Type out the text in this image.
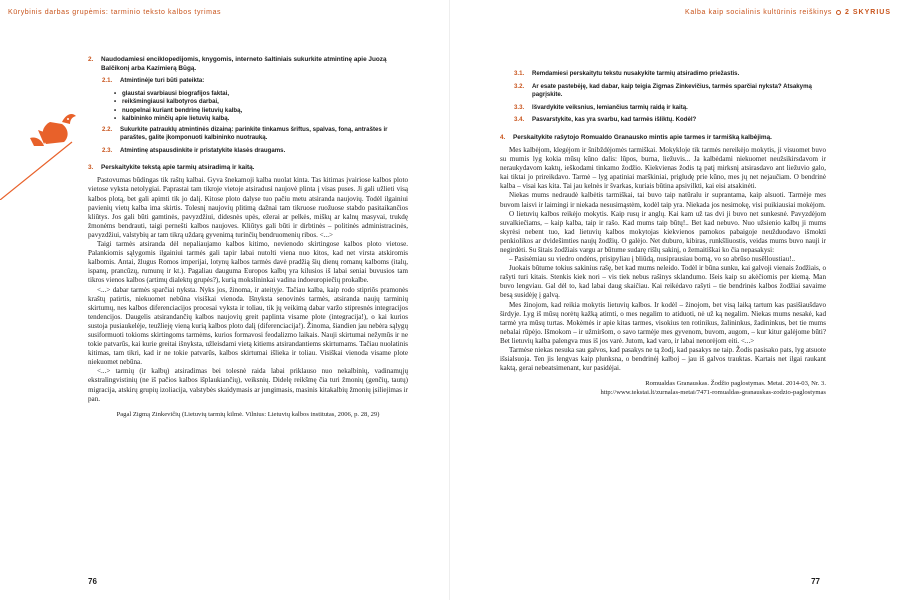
Kūrybinis darbas grupėmis: tarminio teksto kalbos tyrimas
2.	Naudodamiesi enciklopedijomis, knygomis, interneto šaltiniais sukurkite atmintinę apie Juozą Balčikonį arba Kazimierą Būgą.
2.1.	Atmintinėje turi būti pateikta:
• glaustai svarbiausi biografijos faktai,
• reikšmingiausi kalbotyros darbai,
• nuopelnai kuriant bendrinę lietuvių kalbą,
• kalbininko minčių apie lietuvių kalbą.
2.2.	Sukurkite patrauklų atmintinės dizainą: parinkite tinkamus šriftus, spalvas, foną, antraštes ir paraštes, galite įkomponuoti kalbininko nuotrauką.
2.3.	Atmintinę atspausdinkite ir pristatykite klasės draugams.
3.	Perskaitykite tekstą apie tarmių atsiradimą ir kaitą.

Pastovumas būdingas tik raštų kalbai. Gyva šnekamoji kalba nuolat kinta. Tas kitimas įvairiose kalbos ploto vietose vyksta netolygiai. Paprastai tam tikroje vietoje atsiradusi naujovė plinta į visas puses. Ji gali užlieti visą kalbos plotą, bet gali apimti tik jo dalį. Kitose ploto dalyse tuo pačiu metu atsiranda naujovių. Todėl ilgainiui pavienių vietų kalba ima skirtis. Tolesnį naujovių plitimą dažnai tam tikruose ruožuose stabdo pasitaikančios kliūtys. Jos gali būti gamtinės, pavyzdžiui, didesnės upės, ežerai ar pelkės, miškų ar kalnų masyvai, trukdę žmonėms bendrauti, taigi pernešti kalbos naujoves. Kliūtys gali būti ir dirbtinės – politinės administracinės, pavyzdžiui, valstybių ar tam tikrą uždarą gyvenimą turinčių bendruomenių ribos. <...>

Taigi tarmės atsiranda dėl nepaliaujamo kalbos kitimo, nevienodo skirtingose kalbos ploto vietose. Palankiomis sąlygomis ilgainiui tarmės gali tapir labai nutolti viena nuo kitos, kad net virsta atskiromis kalbomis. Antai, žlugus Romos imperijai, lotynų kalbos tarmės davė pradžią šių dienų romanų kalboms (italų, ispanų, prancūzų, rumunų ir kt.). Pagaliau dauguma Europos kalbų yra kilusios iš labai seniai buvusios tam tikros vienos kalbos (artimų dialektų grupės?), kurią mokslininkai vadina indoeuropiečių prokalbe.

<...> dabar tarmės sparčiai nyksta. Nyks jos, žinoma, ir ateityje. Tačiau kalba, kaip rodo stipriōs pramonės kraštų patirtis, niekuomet nebūna visiškai vienoda. Išnyksta senovinės tarmės, atsiranda naujų tarminių skirtumų, nes kalbos diferenciacijos procesai vyksta ir toliau, tik jų veikimą dabar varžo stipresnės integracijos tendencijos. Daugelis atsirandančių kalbos naujovių greit paplinta visame plote (integracija!), o kai kurios sustoja pusiaukelėje, teužlieję vieną kurią kalbos ploto dalį (diferenciacija!). Žinoma, šiandien jau nebėra sąlygų susiformuoti tokioms skirtingoms tarmėms, kurios formavosi feodalizmo laikais. Nauji skirtumai nežymūs ir ne tokie patvarūs, kai kurie greitai išnyksta, užleisdami vietą kitiems atsirandantiems skirtumams. Tačiau nuolatinis kitimas, tam tikri, kad ir ne tokie patvarūs, kalbos skirtumai išlieka ir toliau. Visiškai vienoda visame plote niekuomet nebūna.

<...> tarmių (ir kalbų) atsiradimas bei tolesnė raida labai priklauso nuo nekalbinių, vadinamųjų ekstralingvistinių (ne iš pačios kalbos išplaukiančių), veiksnių. Didelę reikšmę čia turi žmonių (genčių, tautų) migracija, atskirų grupių izoliacija, valstybės skaidymasis ar jungimasis, masinis kitakalbių žmonių įsiliejimas ir pan.

Pagal Zigmą Zinkevičių (Lietuvių tarmių kilmė. Vilnius: Lietuvių kalbos institutas, 2006, p. 28, 29)
76
Kalba kaip socialinis kultūrinis reiškinys 2 SKYRIUS
3.1.	Remdamiesi perskaitytu tekstu nusakykite tarmių atsiradimo priežastis.
3.2.	Ar esate pastebėję, kad dabar, kaip teigia Zigmas Zinkevičius, tarmės sparčiai nyksta? Atsakymą pagrįskite.
3.3.	Išvardykite veiksnius, lemiančius tarmių raidą ir kaitą.
3.4.	Pasvarstykite, kas yra svarbu, kad tarmės išliktų. Kodėl?
4.	Perskaitykite rašytojo Romualdo Granausko mintis apie tarmes ir tarmišką kalbėjimą.

Mes kalbėjom, klegėjom ir šnibždėjomės tarmiškai. Mokykloje tik tarmės nereikėjo mokytis, ji visuomet buvo su mumis lyg kokia mūsų kūno dalis: lūpos, burna, liežuvis... Ja kalbėdami niekuomet neužsikirsdavom ir neraukydavom kaktų, ieškodami tinkamo žodžio. Kiekvienas žodis tą patį mirksnį atsirasdavo ant liežuvio galo, kai tiktai jo prireikdavo. Tarmė – lyg apatiniai marškiniai, prigludę prie kūno, mes jų net nejaučiam. O bendrinė kalba – visai kas kita. Tai jau kelnės ir švarkas, kuriais būtina apsivilkti, kai eisi atsakinėti.

Niekas mums nedraudė kalbėtis tarmiškai, tai buvo taip natūralu ir suprantama, kaip alsuoti. Tarmėje mes buvom laisvi ir laimingi ir niekada nesusimąstėm, kodėl taip yra. Niekada jos nesimokę, visi puikiausiai mokėjom.

O lietuvių kalbos reikėjo mokytis. Kaip rusų ir anglų. Kai kam už tas dvi ji buvo net sunkesnė. Pavyzdėjom suvalkiečiams, – kaip kalba, taip ir rašo. Kad mums taip būtų!.. Bet kad nebuvo. Nuo užsienio kalbų ji mums skyrėsi nebent tuo, kad lietuvių kalbos mokytojas kiekvienos pamokos pabaigoje neužduodavo išmokti penkiolikos ar dvidešimties naujų žodžių. O galėjo. Net duburo, kibiras, runkšliuostis, veidas mums buvo nauji ir negirdėti. Su šitais žodžiais vargu ar būtume sudarę rišlų sakinį, o žemaitiškai ko čia nepasakysi:

– Pasisėmiau su viedro ondėns, prisipyliau į bliūdą, nusiprausiau borną, vo so abrūso nusēlloustiau!..

Juokais būtume tokius sakinius rašę, bet kad mums neleido. Todėl ir būna sunku, kai galvoji vienais žodžiais, o rašyti turi kitais. Stenkis kiek nori – vis tiek nebus rašinys sklandumo. Išeis kaip su akėčiomis per kiemą. Man buvo lengviau. Gal dėl to, kad labai daug skaičiau. Kai reikėdavo rašyti – tie bendrinės kalbos žodžiai savaime besą susidėję į galvą.

Mes žinojom, kad reikia mokytis lietuvių kalbos. Ir kodėl – žinojom, bet visą laiką tartum kas pasišiaušdavo širdyje. Lyg iš mūsų norėtų kažką atimti, o mes negalim to atiduoti, nė už ką negalim. Niekas mums nesakė, kad tarmė yra mūsų turtas. Mokėmės ir apie kitas tarmes, visokius ten rotinikus, žalininkus, žadininkus, bet tie mums nebalai rūpėjo. Išmokom – ir užmiršom, o savo tarmėje mes gyvenom, buvom, augom, – kur kitur galėjome būti? Bet lietuvių kalba palengva mus iš jos varė. Jutom, kad varo, ir labai nenorėjom eiti. <...>

Tarmėse niekas nesuka sau galvos, kad pasakys ne tą žodį, kad pasakys ne taip. Žodis pasisako pats, lyg atsuote išsialsuoja. Ten jis lengvas kaip plunksna, o bendrinėj kalboj – jau iš galvos trauktas. Kartais net ilgai raukant kaktą, gerai nebeatsimenant, kur pasidėjai.

Romualdas Granauskas. Žodžio paglostymas. Metai. 2014-03, Nr. 3.
http://www.tekstai.lt/zurnalas-metai/7471-romualdas-granauskas-zodzio-paglostymas
77
